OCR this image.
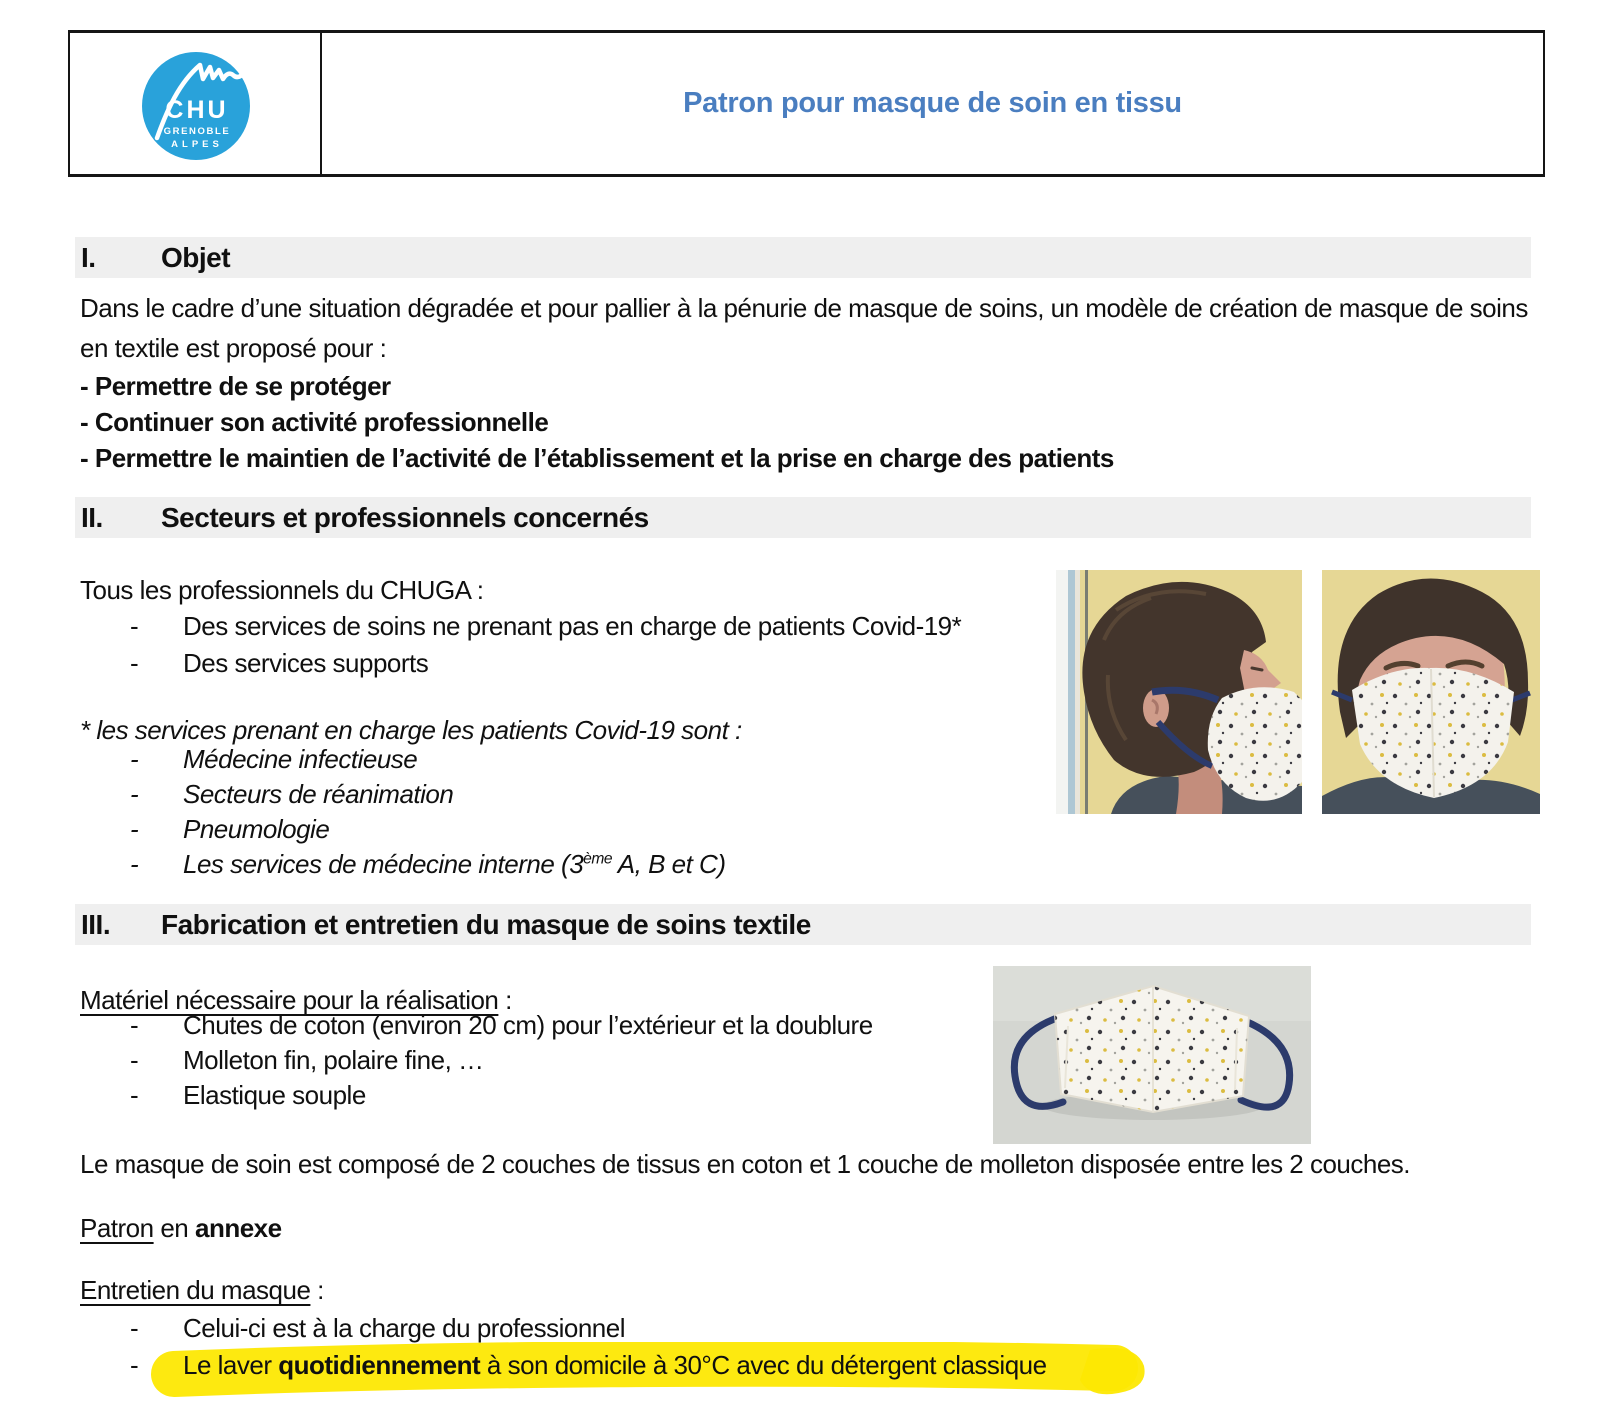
CHU
GRENOBLE
ALPES
Patron pour masque de soin en tissu
I.	Objet
Dans le cadre d’une situation dégradée et pour pallier à la pénurie de masque de soins, un modèle de création de masque de soins en textile est proposé pour :
- Permettre de se protéger
- Continuer son activité professionnelle
- Permettre le maintien de l’activité de l’établissement et la prise en charge des patients
II.	Secteurs et professionnels concernés
Tous les professionnels du CHUGA :
-	Des services de soins ne prenant pas en charge de patients Covid-19*
-	Des services supports
* les services prenant en charge les patients Covid-19 sont :
-	Médecine infectieuse
-	Secteurs de réanimation
-	Pneumologie
-	Les services de médecine interne (3ème A, B et C)
III.	Fabrication et entretien du masque de soins textile
Matériel nécessaire pour la réalisation :
-	Chutes de coton (environ 20 cm) pour l’extérieur et la doublure
-	Molleton fin, polaire fine, …
-	Elastique souple
Le masque de soin est composé de 2 couches de tissus en coton et 1 couche de molleton disposée entre les 2 couches.
Patron en annexe
Entretien du masque :
-	Celui-ci est à la charge du professionnel
-	Le laver quotidiennement à son domicile à 30°C avec du détergent classique
